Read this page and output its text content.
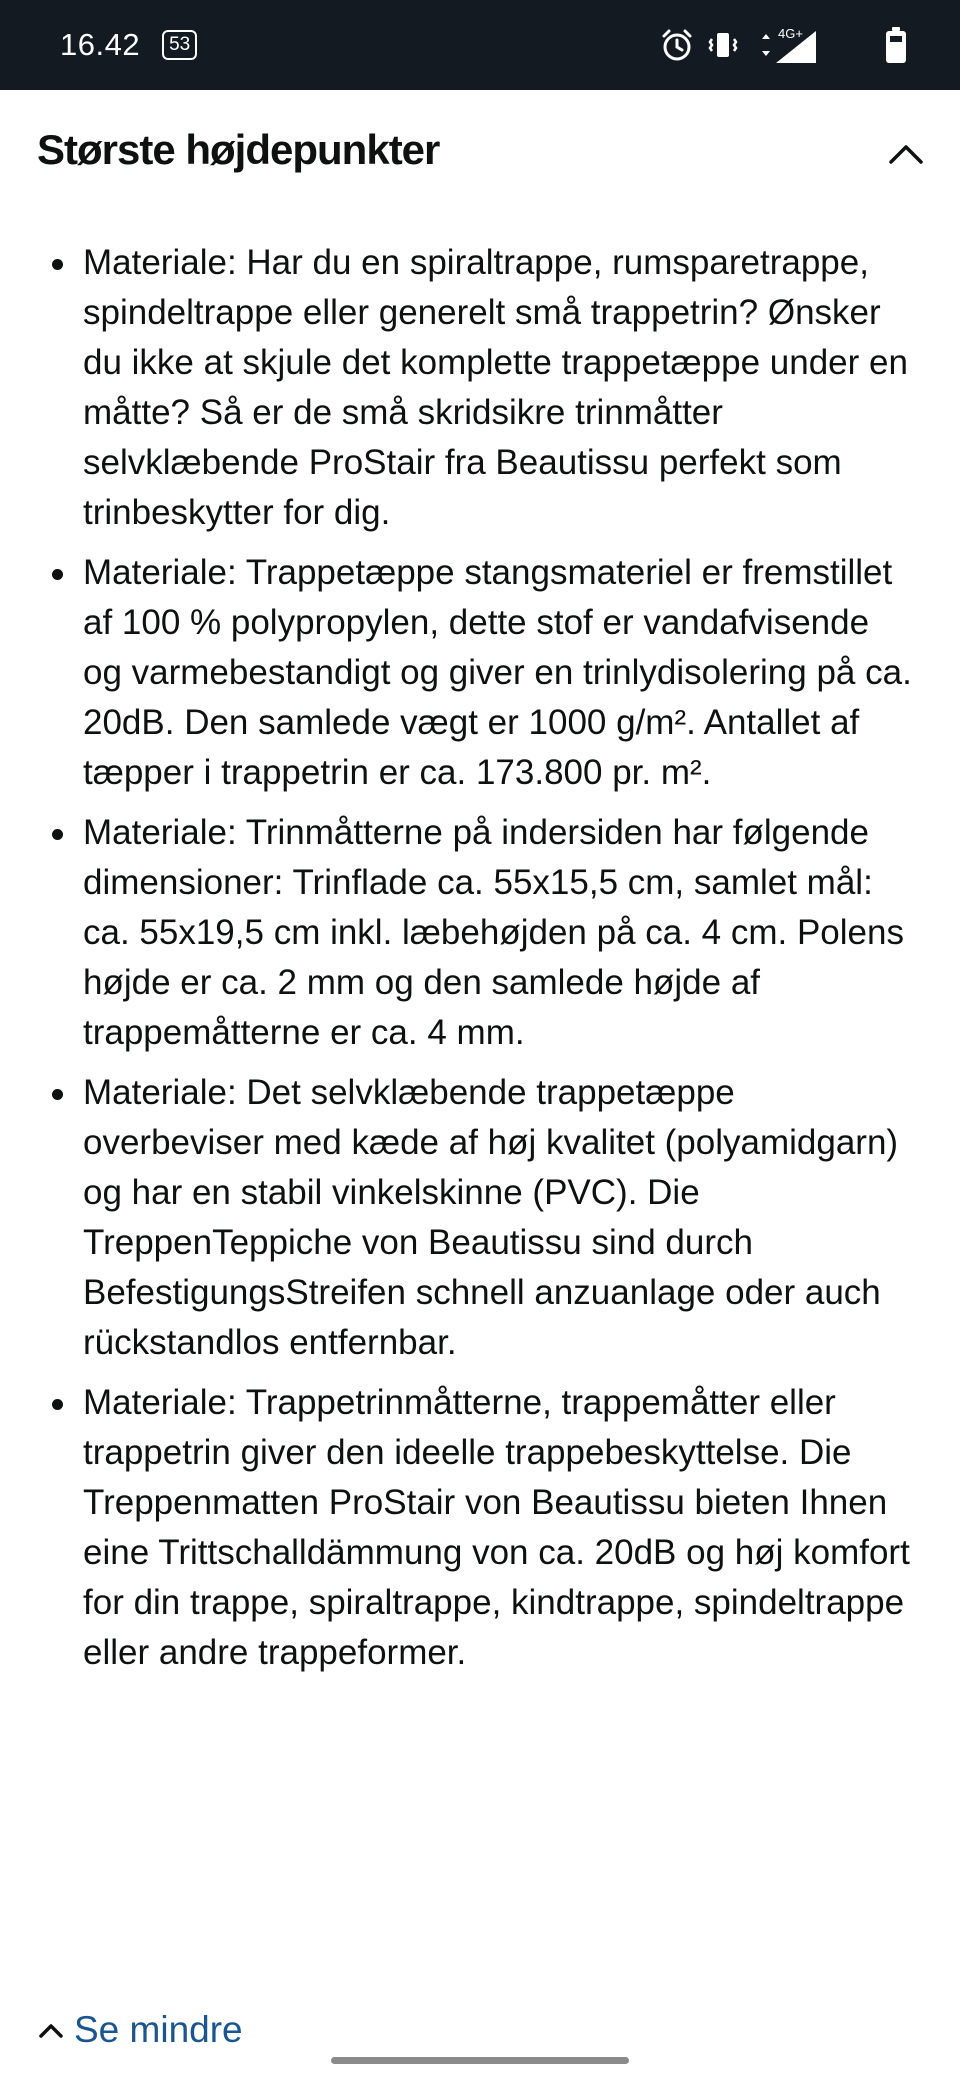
16.42	53
4G+
Største højdepunkter
Materiale: Har du en spiraltrappe, rumsparetrappe, spindeltrappe eller generelt små trappetrin? Ønsker du ikke at skjule det komplette trappetæppe under en måtte? Så er de små skridsikre trinmåtter selvklæbende ProStair fra Beautissu perfekt som trinbeskytter for dig.
Materiale: Trappetæppe stangsmateriel er fremstillet af 100 % polypropylen, dette stof er vandafvisende og varmebestandigt og giver en trinlydisolering på ca. 20dB. Den samlede vægt er 1000 g/m². Antallet af tæpper i trappetrin er ca. 173.800 pr. m².
Materiale: Trinmåtterne på indersiden har følgende dimensioner: Trinflade ca. 55x15,5 cm, samlet mål: ca. 55x19,5 cm inkl. læbehøjden på ca. 4 cm. Polens højde er ca. 2 mm og den samlede højde af trappemåtterne er ca. 4 mm.
Materiale: Det selvklæbende trappetæppe overbeviser med kæde af høj kvalitet (polyamidgarn) og har en stabil vinkelskinne (PVC). Die TreppenTeppiche von Beautissu sind durch BefestigungsStreifen schnell anzuanlage oder auch rückstandlos entfernbar.
Materiale: Trappetrinmåtterne, trappemåtter eller trappetrin giver den ideelle trappebeskyttelse. Die Treppenmatten ProStair von Beautissu bieten Ihnen eine Trittschalldämmung von ca. 20dB og høj komfort for din trappe, spiraltrappe, kindtrappe, spindeltrappe eller andre trappeformer.
Se mindre
